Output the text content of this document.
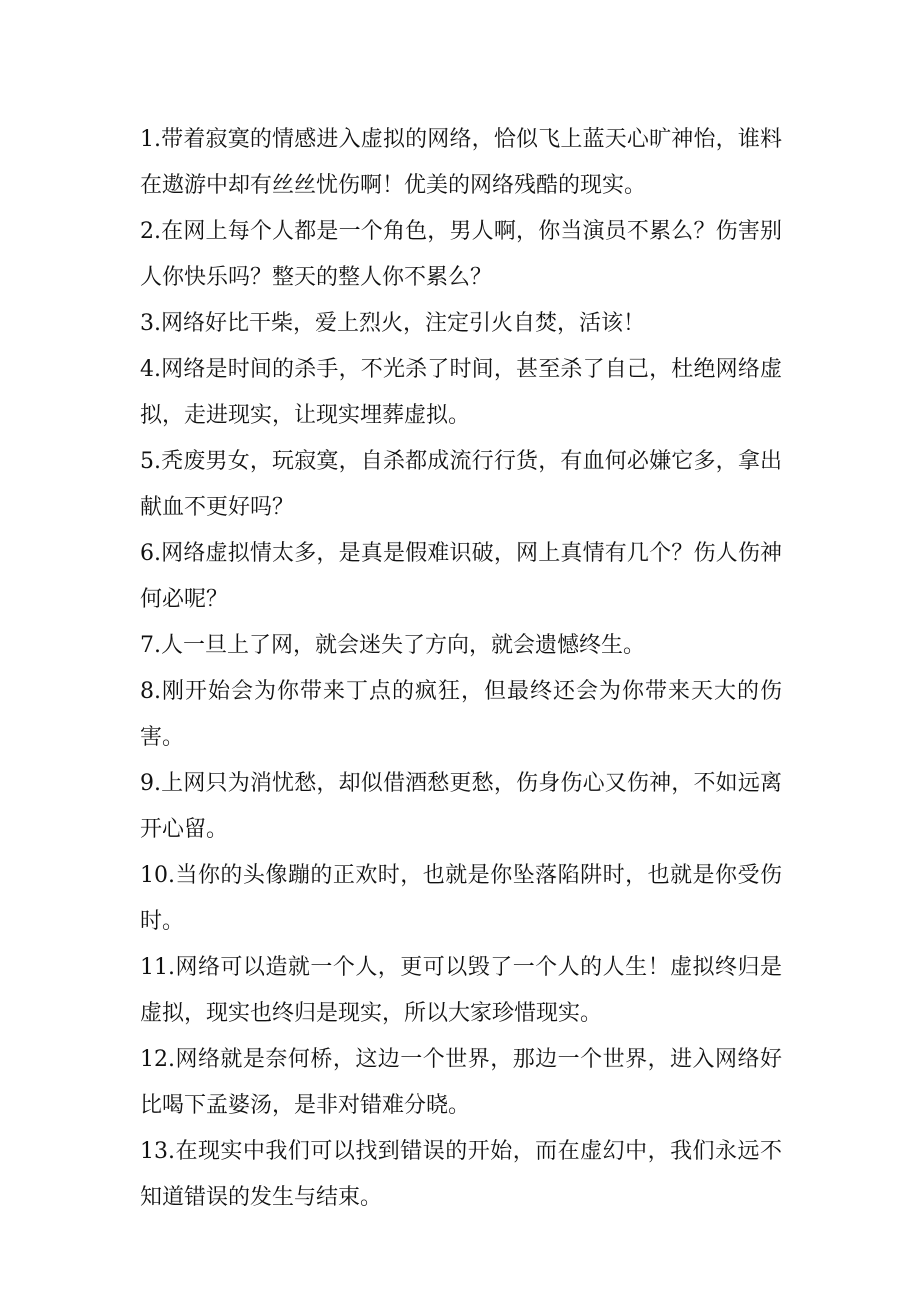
1.带着寂寞的情感进入虚拟的网络，恰似飞上蓝天心旷神怡，谁料在遨游中却有丝丝忧伤啊！优美的网络残酷的现实。

2.在网上每个人都是一个角色，男人啊，你当演员不累么？伤害别人你快乐吗？整天的整人你不累么？

3.网络好比干柴，爱上烈火，注定引火自焚，活该！

4.网络是时间的杀手，不光杀了时间，甚至杀了自己，杜绝网络虚拟，走进现实，让现实埋葬虚拟。

5.秃废男女，玩寂寞，自杀都成流行行货，有血何必嫌它多，拿出献血不更好吗？

6.网络虚拟情太多，是真是假难识破，网上真情有几个？伤人伤神何必呢？

7.人一旦上了网，就会迷失了方向，就会遗憾终生。

8.刚开始会为你带来丁点的疯狂，但最终还会为你带来天大的伤害。

9.上网只为消忧愁，却似借酒愁更愁，伤身伤心又伤神，不如远离开心留。

10.当你的头像蹦的正欢时，也就是你坠落陷阱时，也就是你受伤时。

11.网络可以造就一个人，更可以毁了一个人的人生！虚拟终归是虚拟，现实也终归是现实，所以大家珍惜现实。

12.网络就是奈何桥，这边一个世界，那边一个世界，进入网络好比喝下孟婆汤，是非对错难分晓。

13.在现实中我们可以找到错误的开始，而在虚幻中，我们永远不知道错误的发生与结束。
